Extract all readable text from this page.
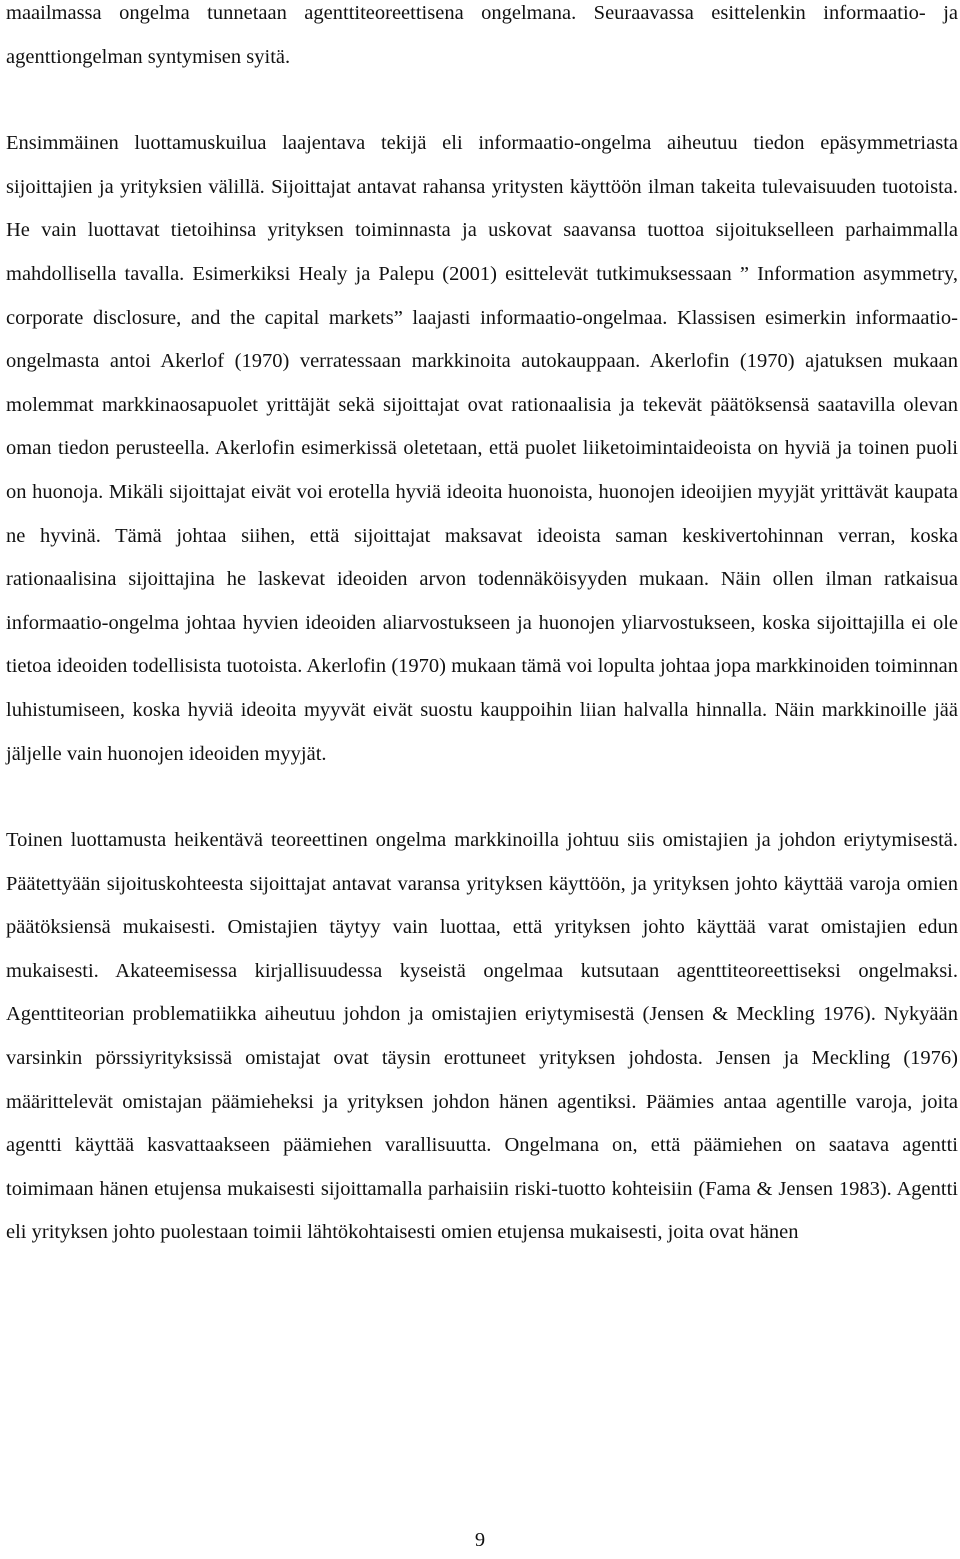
maailmassa ongelma tunnetaan agenttiteoreettisena ongelmana. Seuraavassa esittelenkin informaatio- ja agenttiongelman syntymisen syitä.

Ensimmäinen luottamuskuilua laajentava tekijä eli informaatio-ongelma aiheutuu tiedon epäsymmetriasta sijoittajien ja yrityksien välillä. Sijoittajat antavat rahansa yritysten käyttöön ilman takeita tulevaisuuden tuotoista. He vain luottavat tietoihinsa yrityksen toiminnasta ja uskovat saavansa tuottoa sijoitukselleen parhaimmalla mahdollisella tavalla. Esimerkiksi Healy ja Palepu (2001) esittelevät tutkimuksessaan ” Information asymmetry, corporate disclosure, and the capital markets” laajasti informaatio-ongelmaa. Klassisen esimerkin informaatio-ongelmasta antoi Akerlof (1970) verratessaan markkinoita autokauppaan. Akerlofin (1970) ajatuksen mukaan molemmat markkinaosapuolet yrittäjät sekä sijoittajat ovat rationaalisia ja tekevät päätöksensä saatavilla olevan oman tiedon perusteella. Akerlofin esimerkissä oletetaan, että puolet liiketoimintaideoista on hyviä ja toinen puoli on huonoja. Mikäli sijoittajat eivät voi erotella hyviä ideoita huonoista, huonojen ideoijien myyjät yrittävät kaupata ne hyvinä. Tämä johtaa siihen, että sijoittajat maksavat ideoista saman keskivertohinnan verran, koska rationaalisina sijoittajina he laskevat ideoiden arvon todennäköisyyden mukaan. Näin ollen ilman ratkaisua informaatio-ongelma johtaa hyvien ideoiden aliarvostukseen ja huonojen yliarvostukseen, koska sijoittajilla ei ole tietoa ideoiden todellisista tuotoista. Akerlofin (1970) mukaan tämä voi lopulta johtaa jopa markkinoiden toiminnan luhistumiseen, koska hyviä ideoita myyvät eivät suostu kauppoihin liian halvalla hinnalla. Näin markkinoille jää jäljelle vain huonojen ideoiden myyjät.

Toinen luottamusta heikentävä teoreettinen ongelma markkinoilla johtuu siis omistajien ja johdon eriytymisestä. Päätettyään sijoituskohteesta sijoittajat antavat varansa yrityksen käyttöön, ja yrityksen johto käyttää varoja omien päätöksiensä mukaisesti. Omistajien täytyy vain luottaa, että yrityksen johto käyttää varat omistajien edun mukaisesti. Akateemisessa kirjallisuudessa kyseistä ongelmaa kutsutaan agenttiteoreettiseksi ongelmaksi. Agenttiteorian problematiikka aiheutuu johdon ja omistajien eriytymisestä (Jensen & Meckling 1976). Nykyään varsinkin pörssiyrityksissä omistajat ovat täysin erottuneet yrityksen johdosta. Jensen ja Meckling (1976) määrittelevät omistajan päämieheksi ja yrityksen johdon hänen agentiksi. Päämies antaa agentille varoja, joita agentti käyttää kasvattaakseen päämiehen varallisuutta. Ongelmana on, että päämiehen on saatava agentti toimimaan hänen etujensa mukaisesti sijoittamalla parhaisiin riski-tuotto kohteisiin (Fama & Jensen 1983). Agentti eli yrityksen johto puolestaan toimii lähtökohtaisesti omien etujensa mukaisesti, joita ovat hänen

9
